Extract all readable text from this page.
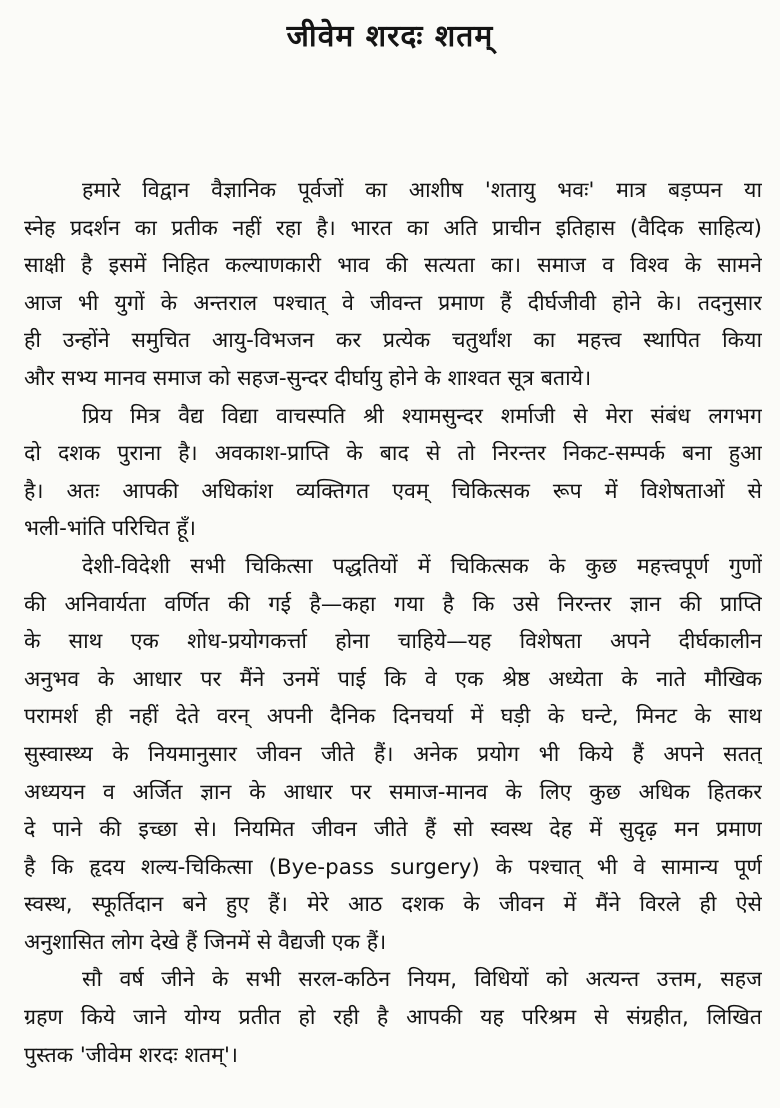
जीवेम शरदः शतम्
हमारे विद्वान वैज्ञानिक पूर्वजों का आशीष 'शतायु भवः' मात्र बड़प्पन या
स्नेह प्रदर्शन का प्रतीक नहीं रहा है। भारत का अति प्राचीन इतिहास (वैदिक साहित्य)
साक्षी है इसमें निहित कल्याणकारी भाव की सत्यता का। समाज व विश्व के सामने
आज भी युगों के अन्तराल पश्चात् वे जीवन्त प्रमाण हैं दीर्घजीवी होने के। तदनुसार
ही उन्होंने समुचित आयु-विभजन कर प्रत्येक चतुर्थांश का महत्त्व स्थापित किया
और सभ्य मानव समाज को सहज-सुन्दर दीर्घायु होने के शाश्वत सूत्र बताये।
प्रिय मित्र वैद्य विद्या वाचस्पति श्री श्यामसुन्दर शर्माजी से मेरा संबंध लगभग
दो दशक पुराना है। अवकाश-प्राप्ति के बाद से तो निरन्तर निकट-सम्पर्क बना हुआ
है। अतः आपकी अधिकांश व्यक्तिगत एवम् चिकित्सक रूप में विशेषताओं से
भली-भांति परिचित हूँ।
देशी-विदेशी सभी चिकित्सा पद्धतियों में चिकित्सक के कुछ महत्त्वपूर्ण गुणों
की अनिवार्यता वर्णित की गई है—कहा गया है कि उसे निरन्तर ज्ञान की प्राप्ति
के साथ एक शोध-प्रयोगकर्त्ता होना चाहिये—यह विशेषता अपने दीर्घकालीन
अनुभव के आधार पर मैंने उनमें पाई कि वे एक श्रेष्ठ अध्येता के नाते मौखिक
परामर्श ही नहीं देते वरन् अपनी दैनिक दिनचर्या में घड़ी के घन्टे, मिनट के साथ
सुस्वास्थ्य के नियमानुसार जीवन जीते हैं। अनेक प्रयोग भी किये हैं अपने सतत्
अध्ययन व अर्जित ज्ञान के आधार पर समाज-मानव के लिए कुछ अधिक हितकर
दे पाने की इच्छा से। नियमित जीवन जीते हैं सो स्वस्थ देह में सुदृढ़ मन प्रमाण
है कि हृदय शल्य-चिकित्सा (Bye-pass surgery) के पश्चात् भी वे सामान्य पूर्ण
स्वस्थ, स्फूर्तिदान बने हुए हैं। मेरे आठ दशक के जीवन में मैंने विरले ही ऐसे
अनुशासित लोग देखे हैं जिनमें से वैद्यजी एक हैं।
सौ वर्ष जीने के सभी सरल-कठिन नियम, विधियों को अत्यन्त उत्तम, सहज
ग्रहण किये जाने योग्य प्रतीत हो रही है आपकी यह परिश्रम से संग्रहीत, लिखित
पुस्तक 'जीवेम शरदः शतम्'।
